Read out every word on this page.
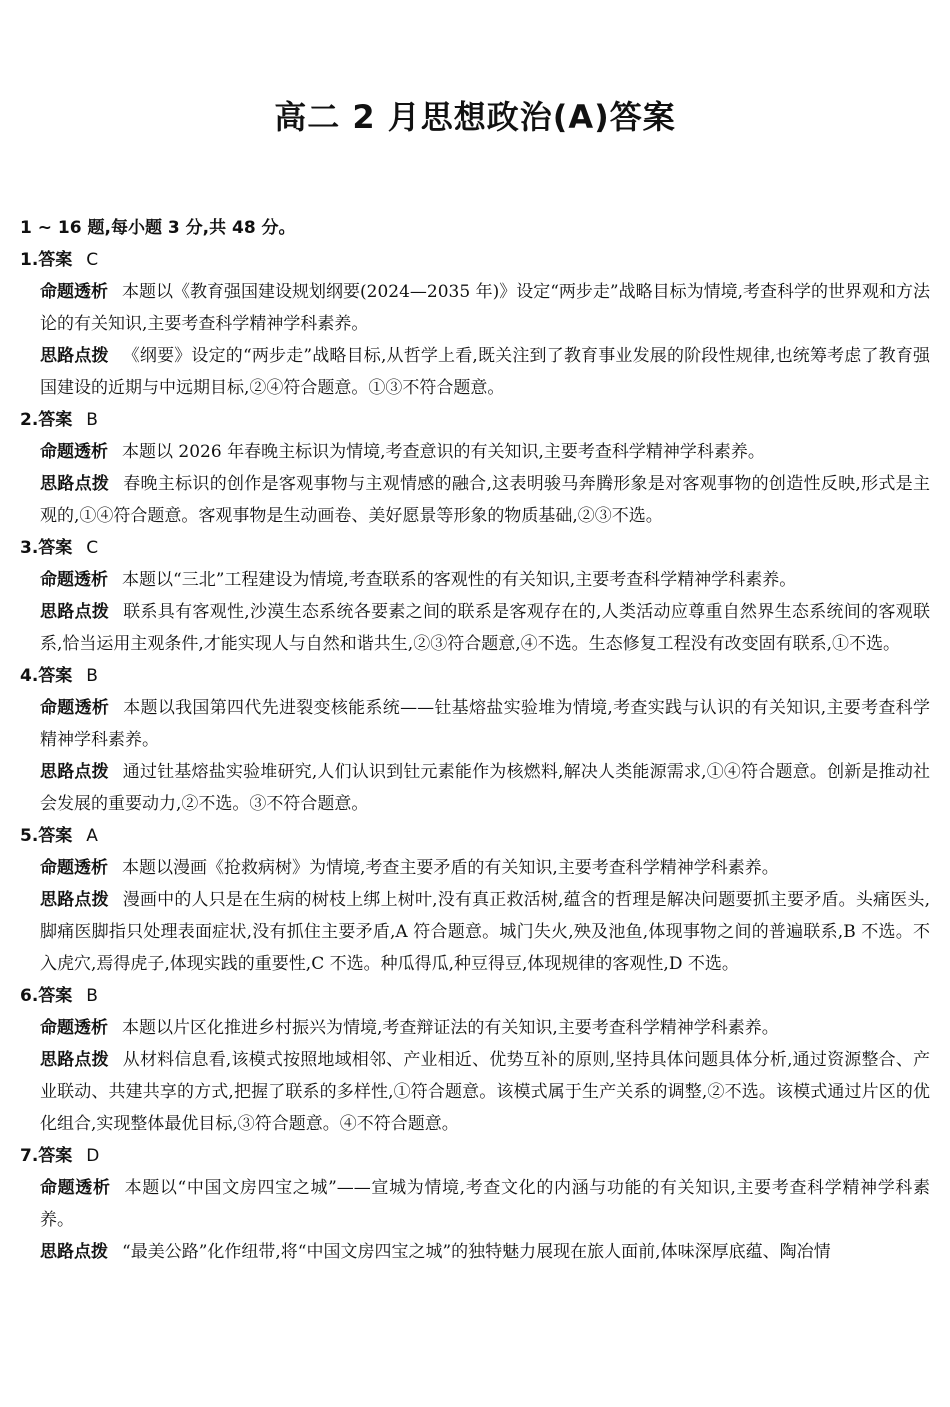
高二 2 月思想政治(A)答案
1 ~ 16 题,每小题 3 分,共 48 分。
1.答案 C
命题透析 本题以《教育强国建设规划纲要(2024—2035 年)》设定“两步走”战略目标为情境,考查科学的世界观和方法论的有关知识,主要考查科学精神学科素养。
思路点拨 《纲要》设定的“两步走”战略目标,从哲学上看,既关注到了教育事业发展的阶段性规律,也统筹考虑了教育强国建设的近期与中远期目标,②④符合题意。①③不符合题意。
2.答案 B
命题透析 本题以 2026 年春晚主标识为情境,考查意识的有关知识,主要考查科学精神学科素养。
思路点拨 春晚主标识的创作是客观事物与主观情感的融合,这表明骏马奔腾形象是对客观事物的创造性反映,形式是主观的,①④符合题意。客观事物是生动画卷、美好愿景等形象的物质基础,②③不选。
3.答案 C
命题透析 本题以“三北”工程建设为情境,考查联系的客观性的有关知识,主要考查科学精神学科素养。
思路点拨 联系具有客观性,沙漠生态系统各要素之间的联系是客观存在的,人类活动应尊重自然界生态系统间的客观联系,恰当运用主观条件,才能实现人与自然和谐共生,②③符合题意,④不选。生态修复工程没有改变固有联系,①不选。
4.答案 B
命题透析 本题以我国第四代先进裂变核能系统——钍基熔盐实验堆为情境,考查实践与认识的有关知识,主要考查科学精神学科素养。
思路点拨 通过钍基熔盐实验堆研究,人们认识到钍元素能作为核燃料,解决人类能源需求,①④符合题意。创新是推动社会发展的重要动力,②不选。③不符合题意。
5.答案 A
命题透析 本题以漫画《抢救病树》为情境,考查主要矛盾的有关知识,主要考查科学精神学科素养。
思路点拨 漫画中的人只是在生病的树枝上绑上树叶,没有真正救活树,蕴含的哲理是解决问题要抓主要矛盾。头痛医头,脚痛医脚指只处理表面症状,没有抓住主要矛盾,A 符合题意。城门失火,殃及池鱼,体现事物之间的普遍联系,B 不选。不入虎穴,焉得虎子,体现实践的重要性,C 不选。种瓜得瓜,种豆得豆,体现规律的客观性,D 不选。
6.答案 B
命题透析 本题以片区化推进乡村振兴为情境,考查辩证法的有关知识,主要考查科学精神学科素养。
思路点拨 从材料信息看,该模式按照地域相邻、产业相近、优势互补的原则,坚持具体问题具体分析,通过资源整合、产业联动、共建共享的方式,把握了联系的多样性,①符合题意。该模式属于生产关系的调整,②不选。该模式通过片区的优化组合,实现整体最优目标,③符合题意。④不符合题意。
7.答案 D
命题透析 本题以“中国文房四宝之城”——宣城为情境,考查文化的内涵与功能的有关知识,主要考查科学精神学科素养。
思路点拨 “最美公路”化作纽带,将“中国文房四宝之城”的独特魅力展现在旅人面前,体味深厚底蕴、陶冶情
